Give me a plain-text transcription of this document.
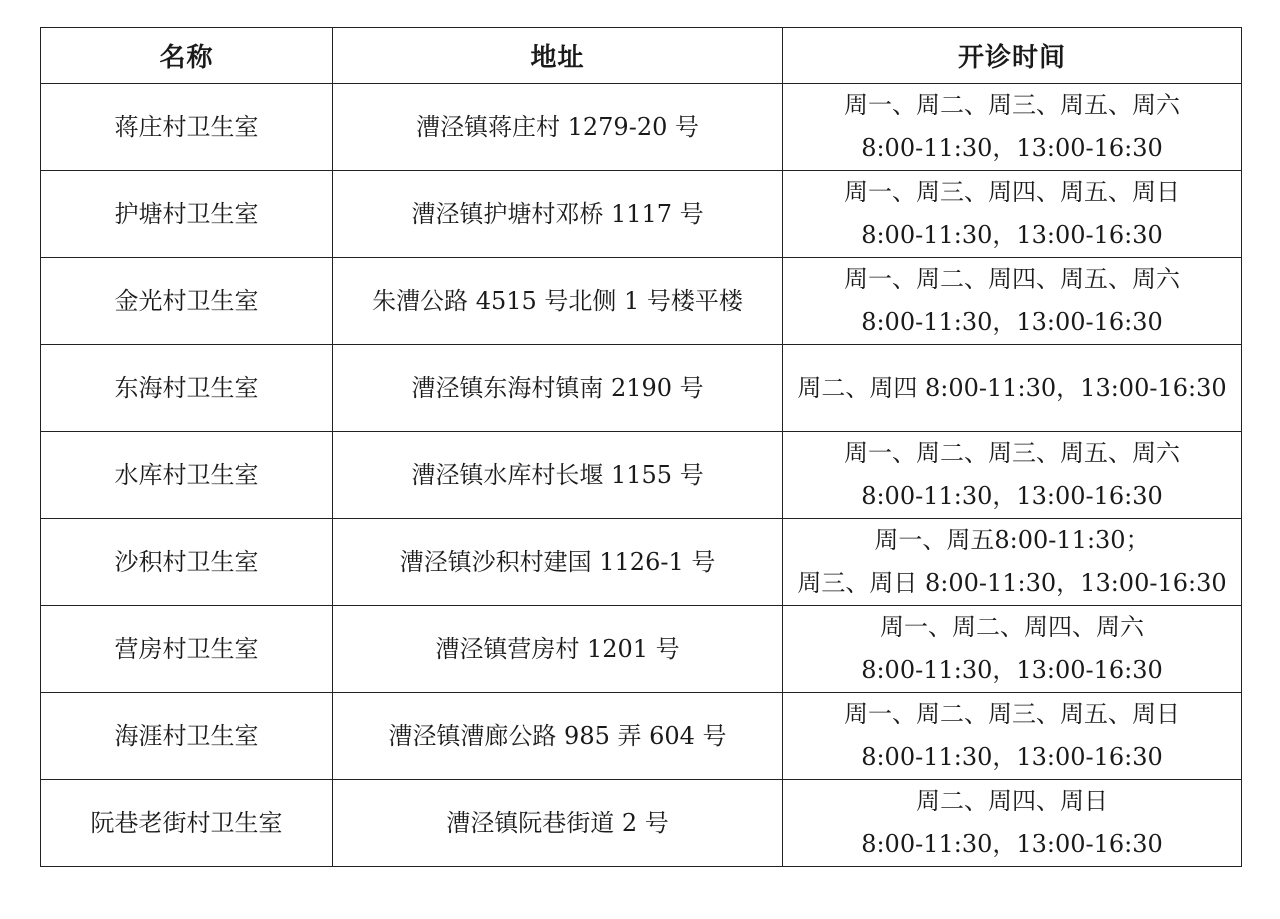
名称	地址	开诊时间
蒋庄村卫生室	漕泾镇蒋庄村 1279-20 号	周一、周二、周三、周五、周六
8:00-11:30，13:00-16:30

护塘村卫生室	漕泾镇护塘村邓桥 1117 号	周一、周三、周四、周五、周日
8:00-11:30，13:00-16:30

金光村卫生室	朱漕公路 4515 号北侧 1 号楼平楼	周一、周二、周四、周五、周六
8:00-11:30，13:00-16:30

东海村卫生室	漕泾镇东海村镇南 2190 号	周二、周四 8:00-11:30，13:00-16:30

水库村卫生室	漕泾镇水库村长堰 1155 号	周一、周二、周三、周五、周六
8:00-11:30，13:00-16:30

沙积村卫生室	漕泾镇沙积村建国 1126-1 号	周一、周五8:00-11:30；
周三、周日 8:00-11:30，13:00-16:30

营房村卫生室	漕泾镇营房村 1201 号	周一、周二、周四、周六
8:00-11:30，13:00-16:30

海涯村卫生室	漕泾镇漕廊公路 985 弄 604 号	周一、周二、周三、周五、周日
8:00-11:30，13:00-16:30

阮巷老街村卫生室	漕泾镇阮巷街道 2 号	周二、周四、周日
8:00-11:30，13:00-16:30
